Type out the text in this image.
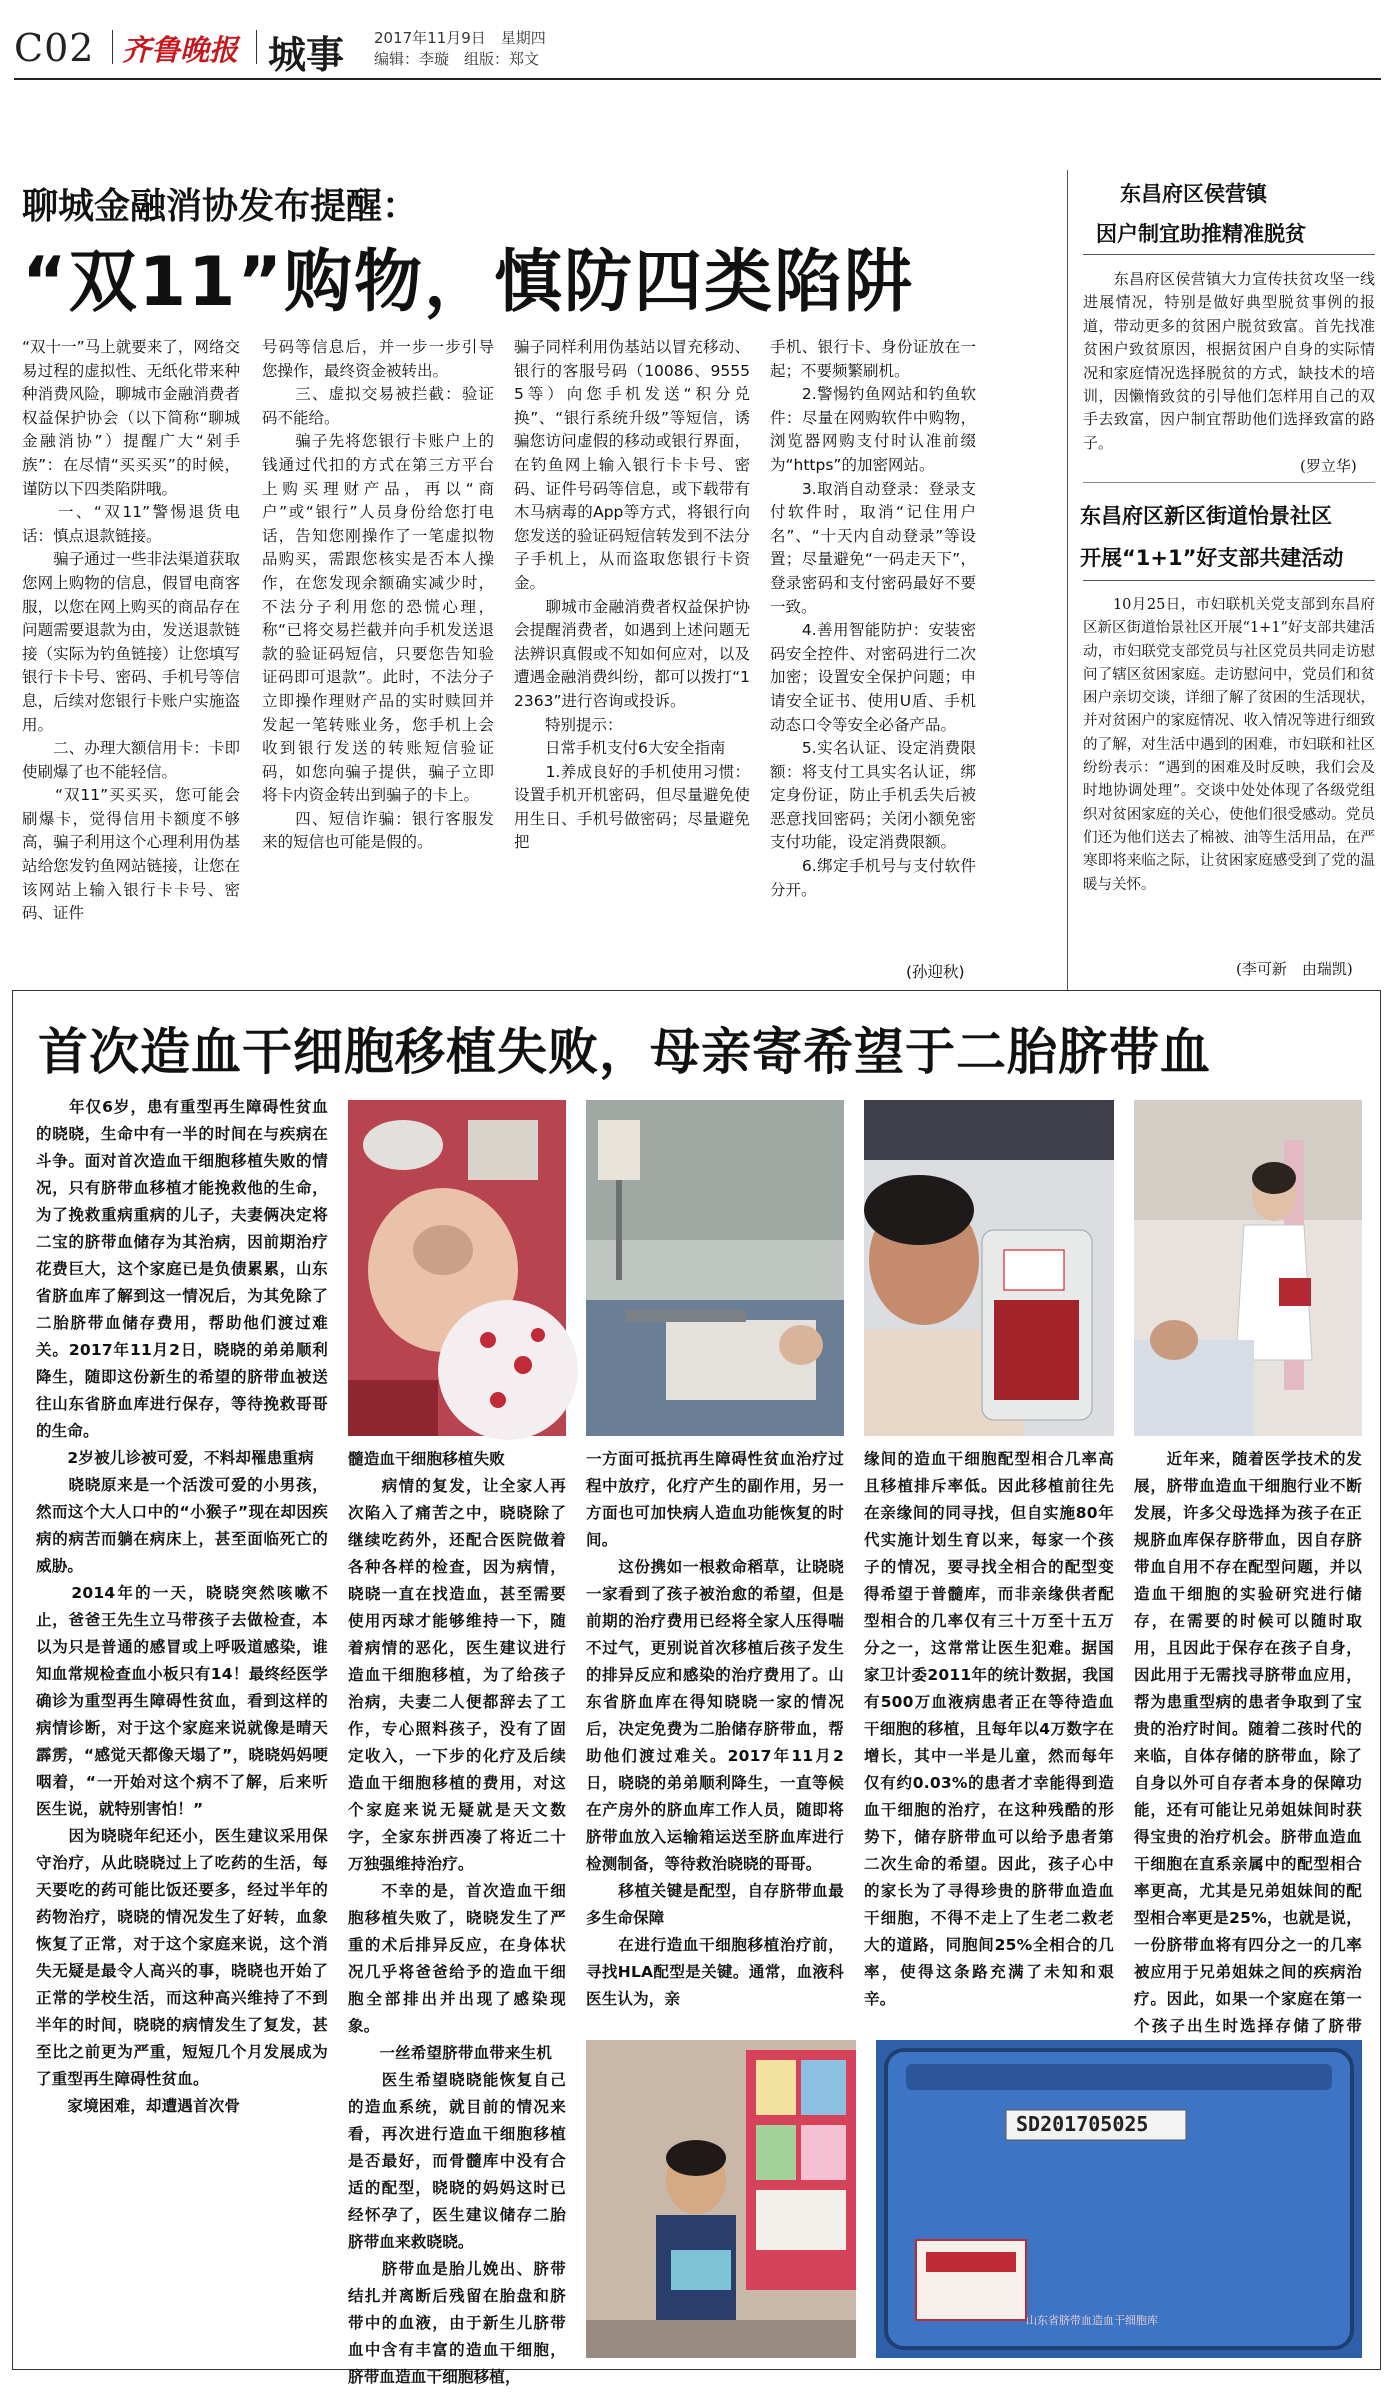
C02 齐鲁晚报 城事 2017年11月9日　星期四
编辑：李璇　组版：郑文
聊城金融消协发布提醒：
“双11”购物，慎防四类陷阱
“双十一”马上就要来了，网络交易过程的虚拟性、无纸化带来种种消费风险，聊城市金融消费者权益保护协会（以下简称“聊城金融消协”）提醒广大“剁手族”：在尽情“买买买”的时候，谨防以下四类陷阱哦。
　　一、“双11”警惕退货电话：慎点退款链接。
　　骗子通过一些非法渠道获取您网上购物的信息，假冒电商客服，以您在网上购买的商品存在问题需要退款为由，发送退款链接（实际为钓鱼链接）让您填写银行卡卡号、密码、手机号等信息，后续对您银行卡账户实施盗用。
　　二、办理大额信用卡：卡即使刷爆了也不能轻信。
　　“双11”买买买，您可能会刷爆卡，觉得信用卡额度不够高，骗子利用这个心理利用伪基站给您发钓鱼网站链接，让您在该网站上输入银行卡卡号、密码、证件
号码等信息后，并一步一步引导您操作，最终资金被转出。
　　三、虚拟交易被拦截：验证码不能给。
　　骗子先将您银行卡账户上的钱通过代扣的方式在第三方平台上购买理财产品，再以“商户”或“银行”人员身份给您打电话，告知您刚操作了一笔虚拟物品购买，需跟您核实是否本人操作，在您发现余额确实减少时，不法分子利用您的恐慌心理，称“已将交易拦截并向手机发送退款的验证码短信，只要您告知验证码即可退款”。此时，不法分子立即操作理财产品的实时赎回并发起一笔转账业务，您手机上会收到银行发送的转账短信验证码，如您向骗子提供，骗子立即将卡内资金转出到骗子的卡上。
　　四、短信诈骗：银行客服发来的短信也可能是假的。
骗子同样利用伪基站以冒充移动、银行的客服号码（10086、95555等）向您手机发送“积分兑换”、“银行系统升级”等短信，诱骗您访问虚假的移动或银行界面，在钓鱼网上输入银行卡卡号、密码、证件号码等信息，或下载带有木马病毒的App等方式，将银行向您发送的验证码短信转发到不法分子手机上，从而盗取您银行卡资金。
　　聊城市金融消费者权益保护协会提醒消费者，如遇到上述问题无法辨识真假或不知如何应对，以及遭遇金融消费纠纷，都可以拨打“12363”进行咨询或投诉。
　　特别提示：
　　日常手机支付6大安全指南
　　1.养成良好的手机使用习惯：设置手机开机密码，但尽量避免使用生日、手机号做密码；尽量避免把
手机、银行卡、身份证放在一起；不要频繁刷机。
　　2.警惕钓鱼网站和钓鱼软件：尽量在网购软件中购物，浏览器网购支付时认准前缀为“https”的加密网站。
　　3.取消自动登录：登录支付软件时，取消“记住用户名”、“十天内自动登录”等设置；尽量避免“一码走天下”，登录密码和支付密码最好不要一致。
　　4.善用智能防护：安装密码安全控件、对密码进行二次加密；设置安全保护问题；申请安全证书、使用U盾、手机动态口令等安全必备产品。
　　5.实名认证、设定消费限额：将支付工具实名认证，绑定身份证，防止手机丢失后被恶意找回密码；关闭小额免密支付功能，设定消费限额。
　　6.绑定手机号与支付软件分开。
(孙迎秋)
东昌府区侯营镇
因户制宜助推精准脱贫
　　东昌府区侯营镇大力宣传扶贫攻坚一线进展情况，特别是做好典型脱贫事例的报道，带动更多的贫困户脱贫致富。首先找准贫困户致贫原因，根据贫困户自身的实际情况和家庭情况选择脱贫的方式，缺技术的培训，因懒惰致贫的引导他们怎样用自己的双手去致富，因户制宜帮助他们选择致富的路子。
(罗立华)
东昌府区新区街道怡景社区
开展“1+1”好支部共建活动
　　10月25日，市妇联机关党支部到东昌府区新区街道怡景社区开展“1+1”好支部共建活动，市妇联党支部党员与社区党员共同走访慰问了辖区贫困家庭。走访慰问中，党员们和贫困户亲切交谈，详细了解了贫困的生活现状，并对贫困户的家庭情况、收入情况等进行细致的了解，对生活中遇到的困难，市妇联和社区纷纷表示：“遇到的困难及时反映，我们会及时地协调处理”。交谈中处处体现了各级党组织对贫困家庭的关心，使他们很受感动。党员们还为他们送去了棉被、油等生活用品，在严寒即将来临之际，让贫困家庭感受到了党的温暖与关怀。
(李可新　由瑞凯)
首次造血干细胞移植失败，母亲寄希望于二胎脐带血
　　年仅6岁，患有重型再生障碍性贫血的晓晓，生命中有一半的时间在与疾病在斗争。面对首次造血干细胞移植失败的情况，只有脐带血移植才能挽救他的生命，为了挽救重病重病的儿子，夫妻俩决定将二宝的脐带血储存为其治病，因前期治疗花费巨大，这个家庭已是负债累累，山东省脐血库了解到这一情况后，为其免除了二胎脐带血储存费用，帮助他们渡过难关。2017年11月2日，晓晓的弟弟顺利降生，随即这份新生的希望的脐带血被送往山东省脐血库进行保存，等待挽救哥哥的生命。
　　2岁被儿诊被可爱，不料却罹患重病
　　晓晓原来是一个活泼可爱的小男孩，然而这个大人口中的“小猴子”现在却因疾病的病苦而躺在病床上，甚至面临死亡的威胁。
　　2014年的一天，晓晓突然咳嗽不止，爸爸王先生立马带孩子去做检查，本以为只是普通的感冒或上呼吸道感染，谁知血常规检查血小板只有14！最终经医学确诊为重型再生障碍性贫血，看到这样的病情诊断，对于这个家庭来说就像是晴天霹雳，“感觉天都像天塌了”，晓晓妈妈哽咽着，“一开始对这个病不了解，后来听医生说，就特别害怕！”
　　因为晓晓年纪还小，医生建议采用保守治疗，从此晓晓过上了吃药的生活，每天要吃的药可能比饭还要多，经过半年的药物治疗，晓晓的情况发生了好转，血象恢复了正常，对于这个家庭来说，这个消失无疑是最令人高兴的事，晓晓也开始了正常的学校生活，而这种高兴维持了不到半年的时间，晓晓的病情发生了复发，甚至比之前更为严重，短短几个月发展成为了重型再生障碍性贫血。
　　家境困难，却遭遇首次骨
髓造血干细胞移植失败
　　病情的复发，让全家人再次陷入了痛苦之中，晓晓除了继续吃药外，还配合医院做着各种各样的检查，因为病情，晓晓一直在找造血，甚至需要使用丙球才能够维持一下，随着病情的恶化，医生建议进行造血干细胞移植，为了给孩子治病，夫妻二人便都辞去了工作，专心照料孩子，没有了固定收入，一下步的化疗及后续造血干细胞移植的费用，对这个家庭来说无疑就是天文数字，全家东拼西凑了将近二十万独强维持治疗。
　　不幸的是，首次造血干细胞移植失败了，晓晓发生了严重的术后排异反应，在身体状况几乎将爸爸给予的造血干细胞全部排出并出现了感染现象。
　　一丝希望脐带血带来生机
　　医生希望晓晓能恢复自己的造血系统，就目前的情况来看，再次进行造血干细胞移植是否最好，而骨髓库中没有合适的配型，晓晓的妈妈这时已经怀孕了，医生建议储存二胎脐带血来救晓晓。
　　脐带血是胎儿娩出、脐带结扎并离断后残留在胎盘和脐带中的血液，由于新生儿脐带血中含有丰富的造血干细胞，脐带血造血干细胞移植，
一方面可抵抗再生障碍性贫血治疗过程中放疗，化疗产生的副作用，另一方面也可加快病人造血功能恢复的时间。
　　这份携如一根救命稻草，让晓晓一家看到了孩子被治愈的希望，但是前期的治疗费用已经将全家人压得喘不过气，更别说首次移植后孩子发生的排异反应和感染的治疗费用了。山东省脐血库在得知晓晓一家的情况后，决定免费为二胎储存脐带血，帮助他们渡过难关。2017年11月2日，晓晓的弟弟顺利降生，一直等候在产房外的脐血库工作人员，随即将脐带血放入运输箱运送至脐血库进行检测制备，等待救治晓晓的哥哥。
　　移植关键是配型，自存脐带血最多生命保障
　　在进行造血干细胞移植治疗前，寻找HLA配型是关键。通常，血液科医生认为，亲
缘间的造血干细胞配型相合几率高且移植排斥率低。因此移植前往先在亲缘间的同寻找，但自实施80年代实施计划生育以来，每家一个孩子的情况，要寻找全相合的配型变得希望于普髓库，而非亲缘供者配型相合的几率仅有三十万至十五万分之一，这常常让医生犯难。据国家卫计委2011年的统计数据，我国有500万血液病患者正在等待造血干细胞的移植，且每年以4万数字在增长，其中一半是儿童，然而每年仅有约0.03%的患者才幸能得到造血干细胞的治疗，在这种残酷的形势下，储存脐带血可以给予患者第二次生命的希望。因此，孩子心中的家长为了寻得珍贵的脐带血造血干细胞，不得不走上了生老二救老大的道路，同胞间25%全相合的几率，使得这条路充满了未知和艰辛。
　　近年来，随着医学技术的发展，脐带血造血干细胞行业不断发展，许多父母选择为孩子在正规脐血库保存脐带血，因自存脐带血自用不存在配型问题，并以造血干细胞的实验研究进行储存，在需要的时候可以随时取用，且因此于保存在孩子自身，因此用于无需找寻脐带血应用，帮为患重型病的患者争取到了宝贵的治疗时间。随着二孩时代的来临，自体存储的脐带血，除了自身以外可自存者本身的保障功能，还有可能让兄弟姐妹间时获得宝贵的治疗机会。脐带血造血干细胞在直系亲属中的配型相合率更高，尤其是兄弟姐妹间的配型相合率更是25%，也就是说，一份脐带血将有四分之一的几率被应用于兄弟姐妹之间的疾病治疗。因此，如果一个家庭在第一个孩子出生时选择存储了脐带
SD201705025
山东省脐带血造血干细胞库
